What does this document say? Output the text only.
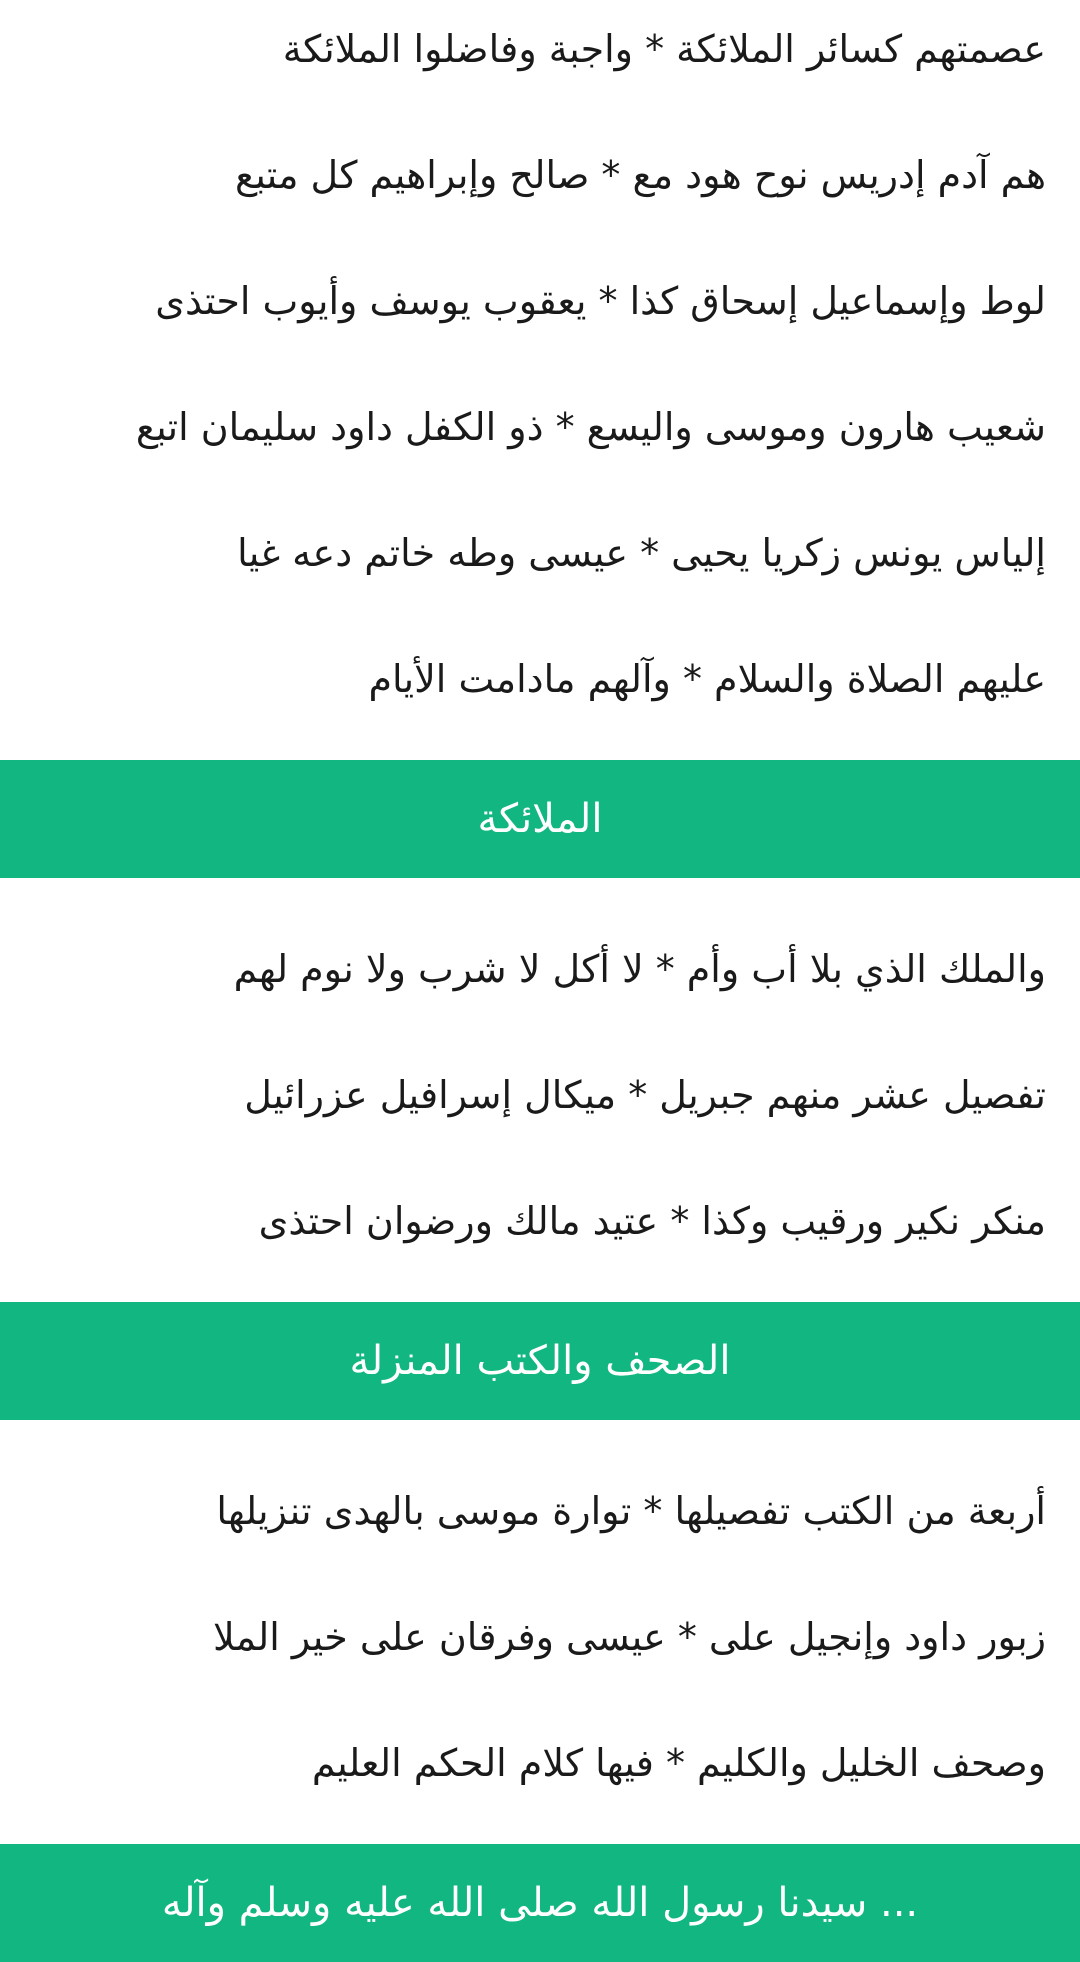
عصمتهم كسائر الملائكة * واجبة وفاضلوا الملائكة
هم آدم إدريس نوح هود مع * صالح وإبراهيم كل متبع
لوط وإسماعيل إسحاق كذا * يعقوب يوسف وأيوب احتذى
شعيب هارون وموسى واليسع * ذو الكفل داود سليمان اتبع
إلياس يونس زكريا يحيى * عيسى وطه خاتم دعه غيا
عليهم الصلاة والسلام * وآلهم مادامت الأيام
الملائكة
والملك الذي بلا أب وأم * لا أكل لا شرب ولا نوم لهم
تفصيل عشر منهم جبريل * ميكال إسرافيل عزرائيل
منكر نكير ورقيب وكذا * عتيد مالك ورضوان احتذى
الصحف والكتب المنزلة
أربعة من الكتب تفصيلها * توارة موسى بالهدى تنزيلها
زبور داود وإنجيل على * عيسى وفرقان على خير الملا
وصحف الخليل والكليم * فيها كلام الحكم العليم
... سيدنا رسول الله صلى الله عليه وسلم وآله
